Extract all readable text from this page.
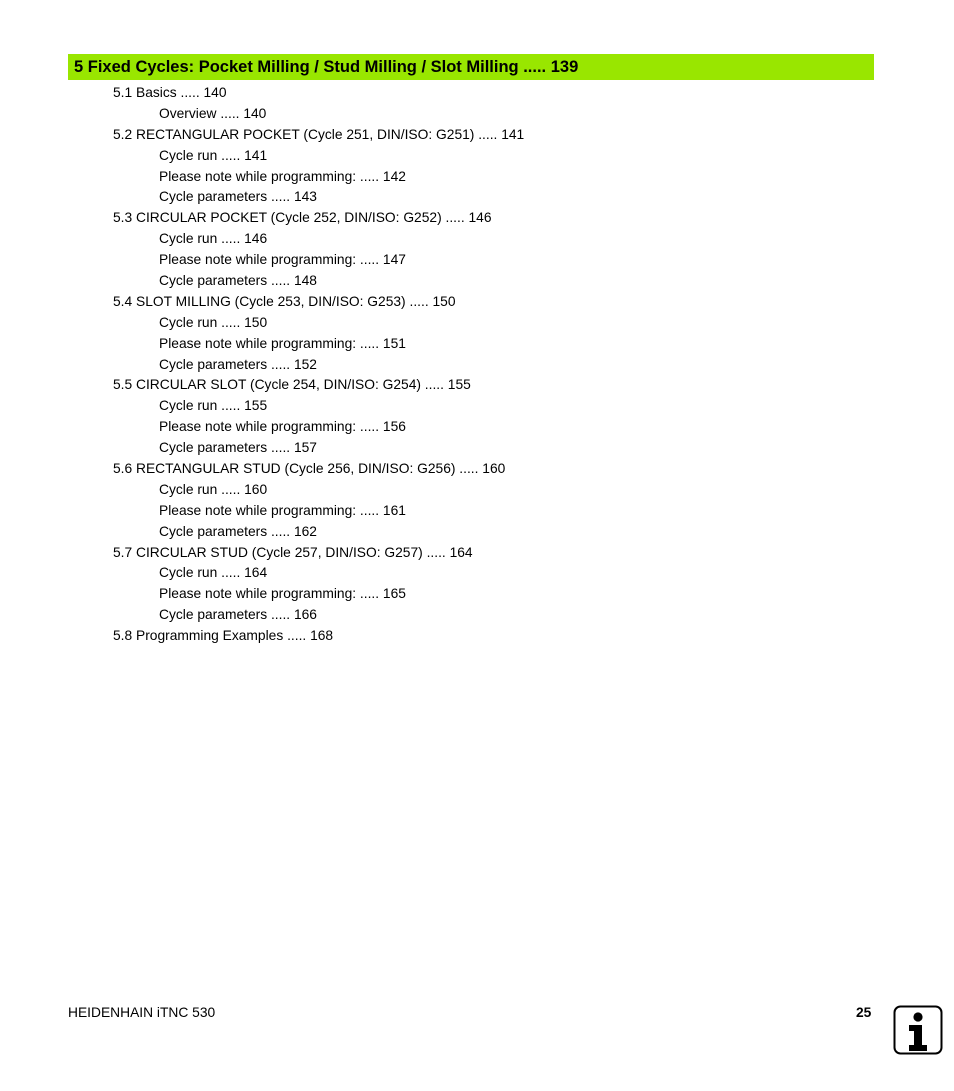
5 Fixed Cycles: Pocket Milling / Stud Milling / Slot Milling ..... 139
5.1 Basics ..... 140
Overview ..... 140
5.2 RECTANGULAR POCKET (Cycle 251, DIN/ISO: G251) ..... 141
Cycle run ..... 141
Please note while programming: ..... 142
Cycle parameters ..... 143
5.3 CIRCULAR POCKET (Cycle 252, DIN/ISO: G252) ..... 146
Cycle run ..... 146
Please note while programming: ..... 147
Cycle parameters ..... 148
5.4 SLOT MILLING (Cycle 253, DIN/ISO: G253) ..... 150
Cycle run ..... 150
Please note while programming: ..... 151
Cycle parameters ..... 152
5.5 CIRCULAR SLOT (Cycle 254, DIN/ISO: G254) ..... 155
Cycle run ..... 155
Please note while programming: ..... 156
Cycle parameters ..... 157
5.6 RECTANGULAR STUD (Cycle 256, DIN/ISO: G256) ..... 160
Cycle run ..... 160
Please note while programming: ..... 161
Cycle parameters ..... 162
5.7 CIRCULAR STUD (Cycle 257, DIN/ISO: G257) ..... 164
Cycle run ..... 164
Please note while programming: ..... 165
Cycle parameters ..... 166
5.8 Programming Examples ..... 168
HEIDENHAIN iTNC 530	25
